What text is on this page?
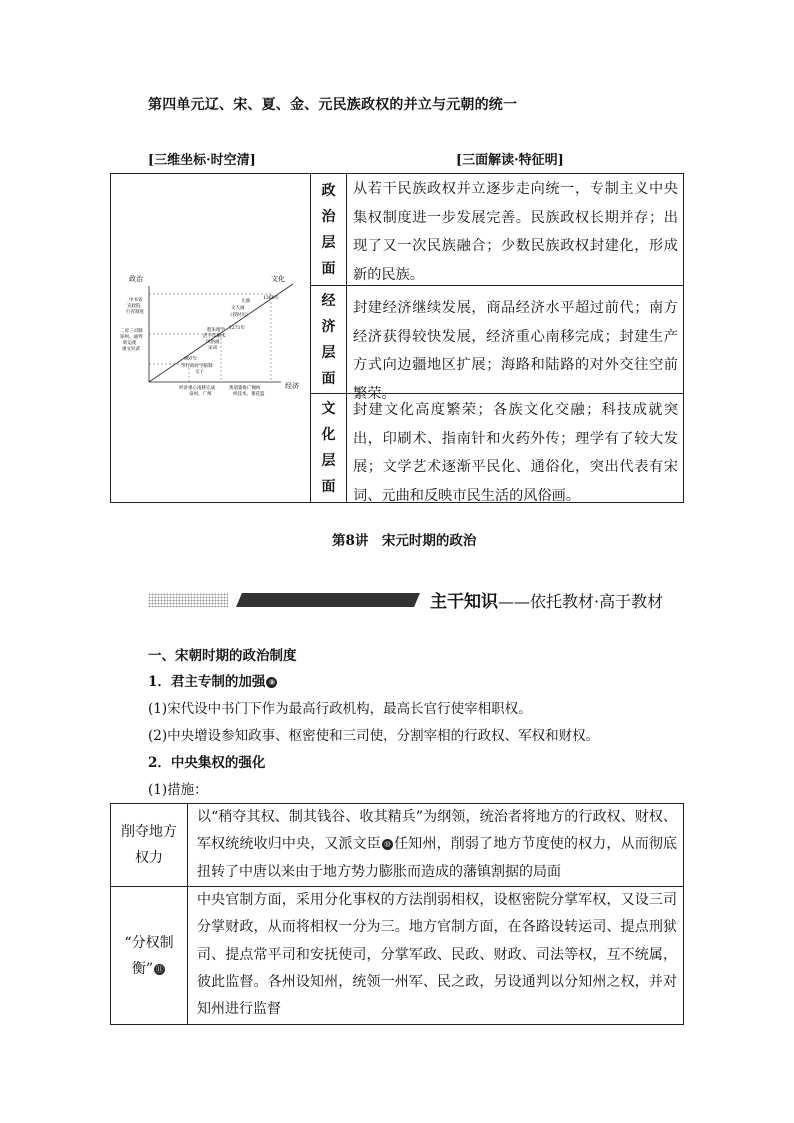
第四单元辽、宋、夏、金、元民族政权的并立与元朝的统一
[三维坐标·时空清]	[三面解读·特征明]
政治	文化
经济
中书省
宣政院
行省制度
二府三司制
知州、通判
转运使
重文轻武
元曲
文人画
《授时历》
程朱理学
活字印刷术
风俗画
宋词
1368年
1271年
907年
市行政时空限制
交子
经济重心南移完成
泉州、广州
黄道婆推广棉纺
织技术、番花篮
政
治
层
面
从若干民族政权并立逐步走向统一，专制主义中央集权制度进一步发展完善。民族政权长期并存；出现了又一次民族融合；少数民族政权封建化，形成新的民族。
经
济
层
面
封建经济继续发展，商品经济水平超过前代；南方经济获得较快发展，经济重心南移完成；封建生产方式向边疆地区扩展；海路和陆路的对外交往空前繁荣。
文
化
层
面
封建文化高度繁荣；各族文化交融；科技成就突出，印刷术、指南针和火药外传；理学有了较大发展；文学艺术逐渐平民化、通俗化，突出代表有宋词、元曲和反映市民生活的风俗画。
第8讲　宋元时期的政治
主干知识——依托教材·高于教材
一、宋朝时期的政治制度
1．君主专制的加强 ⑨
(1)宋代设中书门下作为最高行政机构，最高长官行使宰相职权。
(2)中央增设参知政事、枢密使和三司使，分割宰相的行政权、军权和财权。
2．中央集权的强化
(1)措施：
削夺地方
权力
以“稍夺其权、制其钱谷、收其精兵”为纲领，统治者将地方的行政权、财权、军权统统收归中央，又派文臣 ⑩ 任知州，削弱了地方节度使的权力，从而彻底扭转了中唐以来由于地方势力膨胀而造成的藩镇割据的局面
“分权制
衡” ⑪
中央官制方面，采用分化事权的方法削弱相权，设枢密院分掌军权，又设三司分掌财政，从而将相权一分为三。地方官制方面，在各路设转运司、提点刑狱司、提点常平司和安抚使司，分掌军政、民政、财政、司法等权，互不统属，彼此监督。各州设知州，统领一州军、民之政，另设通判以分知州之权，并对知州进行监督
